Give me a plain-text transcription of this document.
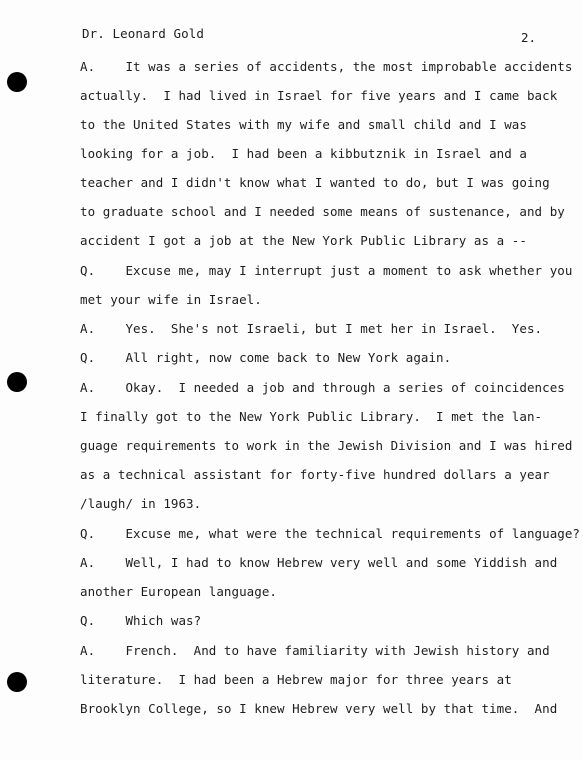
Dr. Leonard Gold	2.
A.    It was a series of accidents, the most improbable accidents
actually.  I had lived in Israel for five years and I came back
to the United States with my wife and small child and I was
looking for a job.  I had been a kibbutznik in Israel and a
teacher and I didn't know what I wanted to do, but I was going
to graduate school and I needed some means of sustenance, and by
accident I got a job at the New York Public Library as a --
Q.    Excuse me, may I interrupt just a moment to ask whether you
met your wife in Israel.
A.    Yes.  She's not Israeli, but I met her in Israel.  Yes.
Q.    All right, now come back to New York again.
A.    Okay.  I needed a job and through a series of coincidences
I finally got to the New York Public Library.  I met the lan-
guage requirements to work in the Jewish Division and I was hired
as a technical assistant for forty-five hundred dollars a year
/laugh/ in 1963.
Q.    Excuse me, what were the technical requirements of language?
A.    Well, I had to know Hebrew very well and some Yiddish and
another European language.
Q.    Which was?
A.    French.  And to have familiarity with Jewish history and
literature.  I had been a Hebrew major for three years at
Brooklyn College, so I knew Hebrew very well by that time.  And
